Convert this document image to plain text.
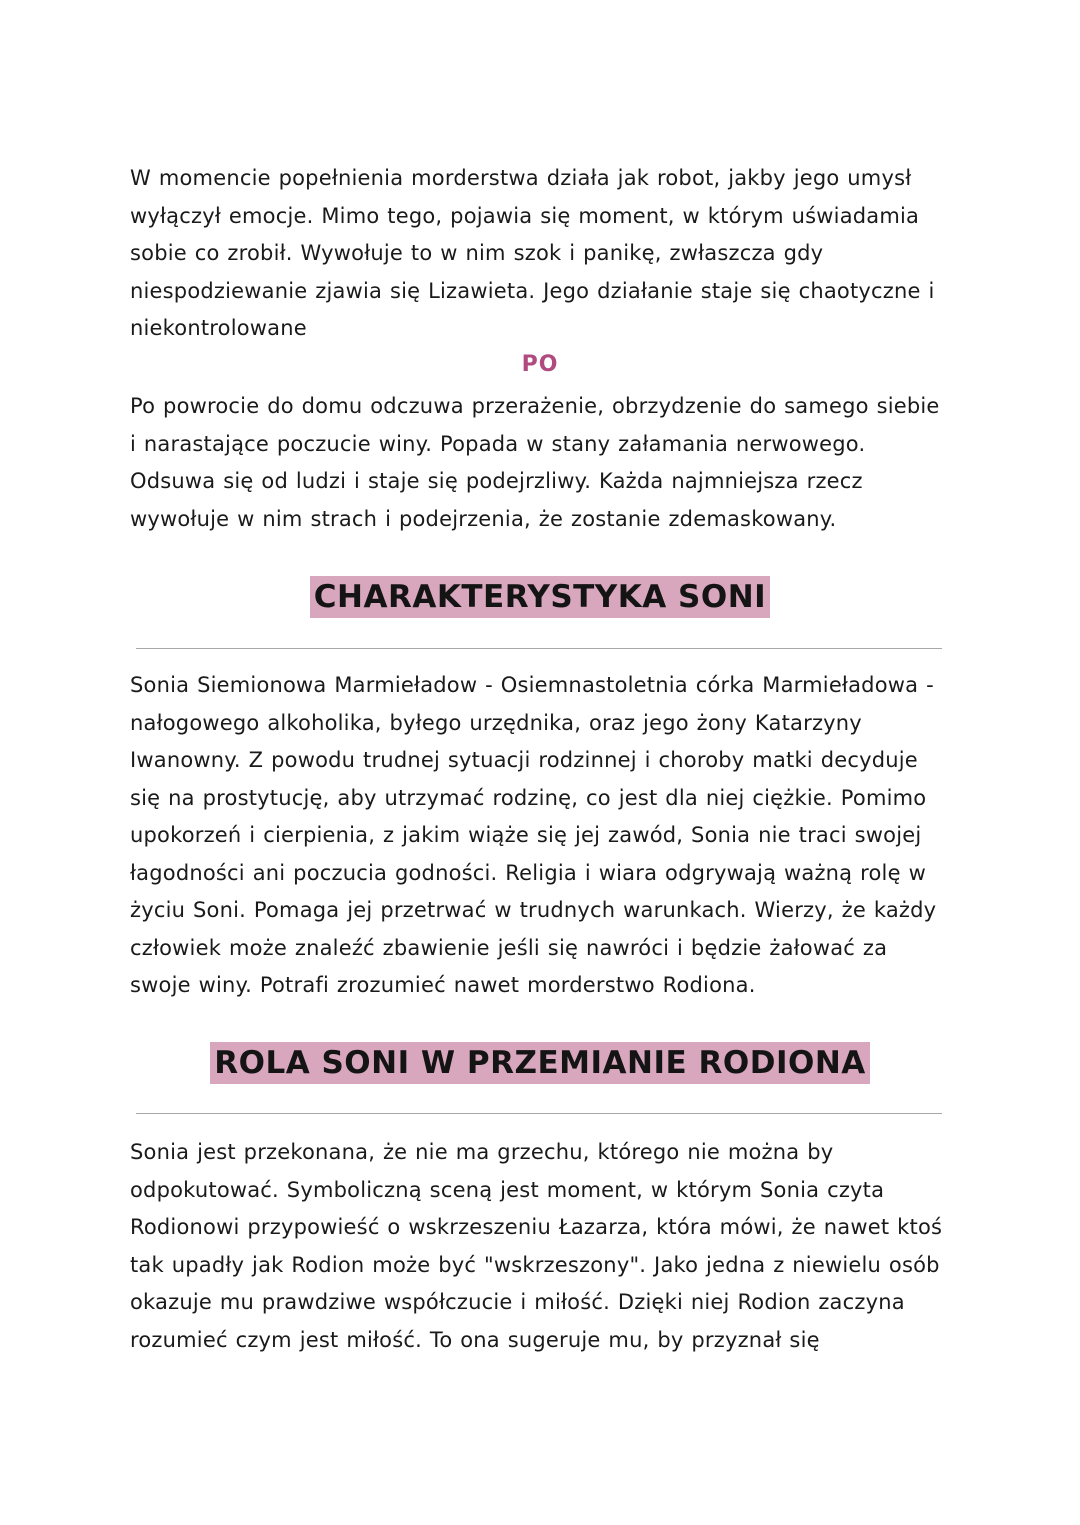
W momencie popełnienia morderstwa działa jak robot, jakby jego umysł wyłączył emocje. Mimo tego, pojawia się moment, w którym uświadamia sobie co zrobił. Wywołuje to w nim szok i panikę, zwłaszcza gdy niespodziewanie zjawia się Lizawieta. Jego działanie staje się chaotyczne i niekontrolowane

PO

Po powrocie do domu odczuwa przerażenie, obrzydzenie do samego siebie i narastające poczucie winy. Popada w stany załamania nerwowego. Odsuwa się od ludzi i staje się podejrzliwy. Każda najmniejsza rzecz wywołuje w nim strach i podejrzenia, że zostanie zdemaskowany.

CHARAKTERYSTYKA SONI

Sonia Siemionowa Marmieładow - Osiemnastoletnia córka Marmieładowa - nałogowego alkoholika, byłego urzędnika, oraz jego żony Katarzyny Iwanowny. Z powodu trudnej sytuacji rodzinnej i choroby matki decyduje się na prostytucję, aby utrzymać rodzinę, co jest dla niej ciężkie. Pomimo upokorzeń i cierpienia, z jakim wiąże się jej zawód, Sonia nie traci swojej łagodności ani poczucia godności. Religia i wiara odgrywają ważną rolę w życiu Soni. Pomaga jej przetrwać w trudnych warunkach. Wierzy, że każdy człowiek może znaleźć zbawienie jeśli się nawróci i będzie żałować za swoje winy. Potrafi zrozumieć nawet morderstwo Rodiona.

ROLA SONI W PRZEMIANIE RODIONA

Sonia jest przekonana, że nie ma grzechu, którego nie można by odpokutować. Symboliczną sceną jest moment, w którym Sonia czyta Rodionowi przypowieść o wskrzeszeniu Łazarza, która mówi, że nawet ktoś tak upadły jak Rodion może być "wskrzeszony". Jako jedna z niewielu osób okazuje mu prawdziwe współczucie i miłość. Dzięki niej Rodion zaczyna rozumieć czym jest miłość. To ona sugeruje mu, by przyznał się
